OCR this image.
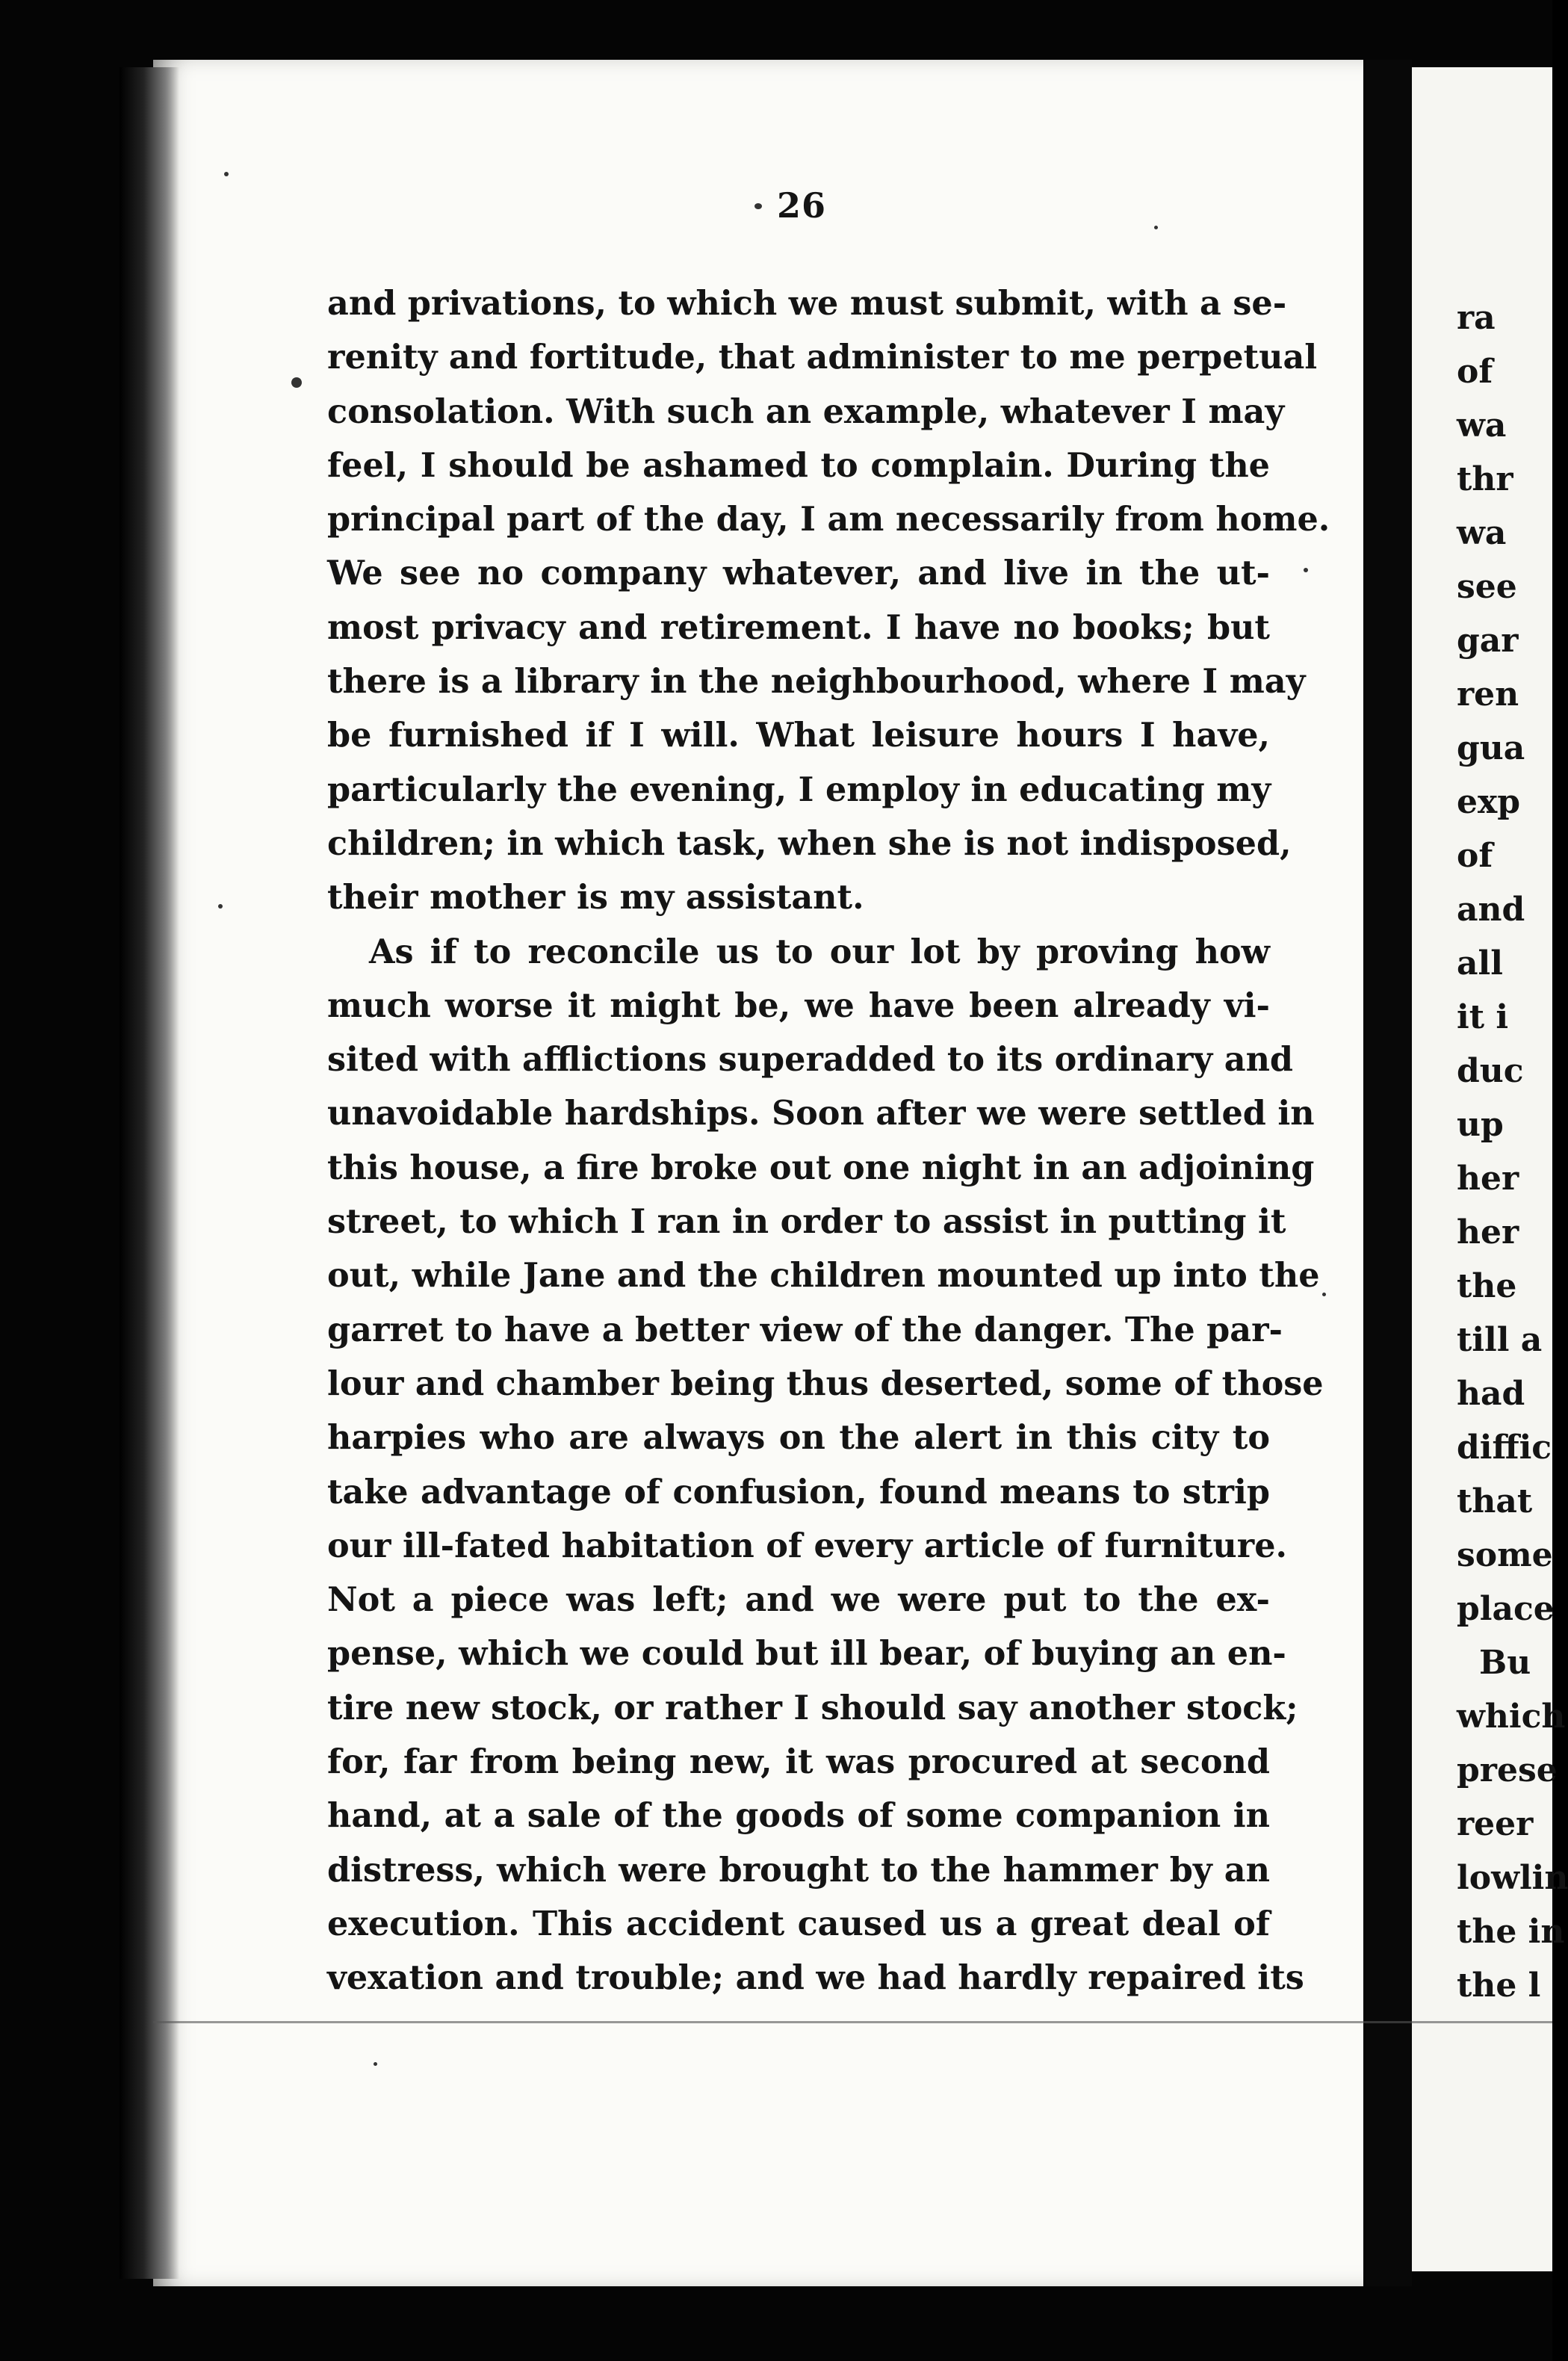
26
and privations, to which we must submit, with a se-
renity and fortitude, that administer to me perpetual
consolation. With such an example, whatever I may
feel, I should be ashamed to complain. During the
principal part of the day, I am necessarily from home.
We see no company whatever, and live in the ut-
most privacy and retirement. I have no books; but
there is a library in the neighbourhood, where I may
be furnished if I will. What leisure hours I have,
particularly the evening, I employ in educating my
children; in which task, when she is not indisposed,
their mother is my assistant.
As if to reconcile us to our lot by proving how
much worse it might be, we have been already vi-
sited with afflictions superadded to its ordinary and
unavoidable hardships. Soon after we were settled in
this house, a fire broke out one night in an adjoining
street, to which I ran in order to assist in putting it
out, while Jane and the children mounted up into the
garret to have a better view of the danger. The par-
lour and chamber being thus deserted, some of those
harpies who are always on the alert in this city to
take advantage of confusion, found means to strip
our ill-fated habitation of every article of furniture.
Not a piece was left; and we were put to the ex-
pense, which we could but ill bear, of buying an en-
tire new stock, or rather I should say another stock;
for, far from being new, it was procured at second
hand, at a sale of the goods of some companion in
distress, which were brought to the hammer by an
execution. This accident caused us a great deal of
vexation and trouble; and we had hardly repaired its
ra
of
wa
thr
wa
see
gar
ren
gua
exp
of
and
all
it i
duc
up
her
her
the
till a
had
diffic
that
some
place
Bu
which
prese
reer
lowlin
the in
the l
